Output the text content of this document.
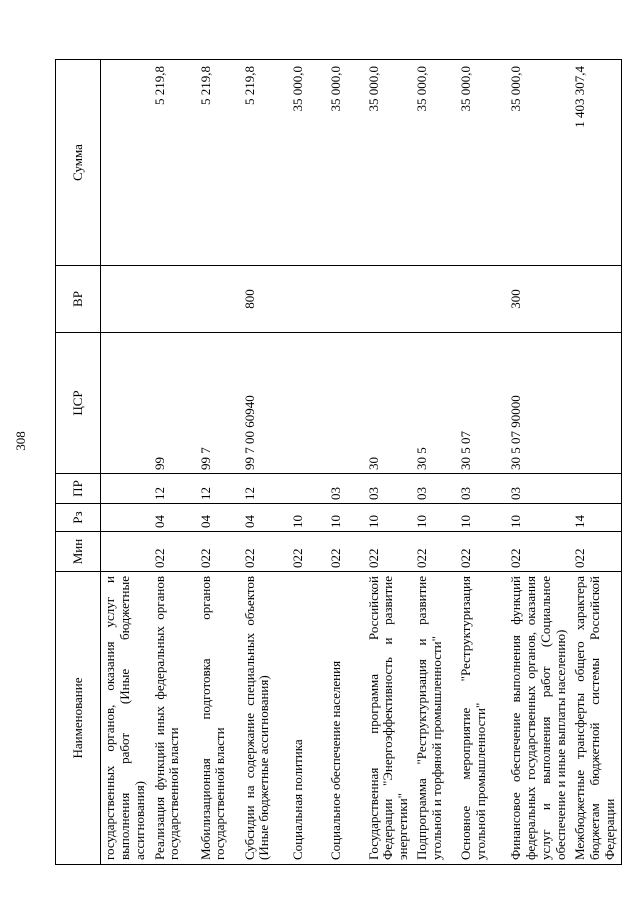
308
Наименование	Мин	Рз	ПР	ЦСР	ВР	Сумма
государственных органов, оказания услуг и выполнения работ (Иные бюджетные ассигнования)						
Реализация функций иных федеральных органов государственной власти	022	04	12	99		5 219,8
Мобилизационная подготовка органов государственной власти	022	04	12	99 7		5 219,8
Субсидии на содержание специальных объектов (Иные бюджетные ассигнования)	022	04	12	99 7 00 60940	800	5 219,8
Социальная политика	022	10				35 000,0
Социальное обеспечение населения	022	10	03			35 000,0
Государственная программа Российской Федерации "Энергоэффективность и развитие энергетики"	022	10	03	30		35 000,0
Подпрограмма "Реструктуризация и развитие угольной и торфяной промышленности"	022	10	03	30 5		35 000,0
Основное мероприятие "Реструктуризация угольной промышленности"	022	10	03	30 5 07		35 000,0
Финансовое обеспечение выполнения функций федеральных государственных органов, оказания услуг и выполнения работ (Социальное обеспечение и иные выплаты населению)	022	10	03	30 5 07 90000	300	35 000,0
Межбюджетные трансферты общего характера бюджетам бюджетной системы Российской Федерации	022	14				1 403 307,4
